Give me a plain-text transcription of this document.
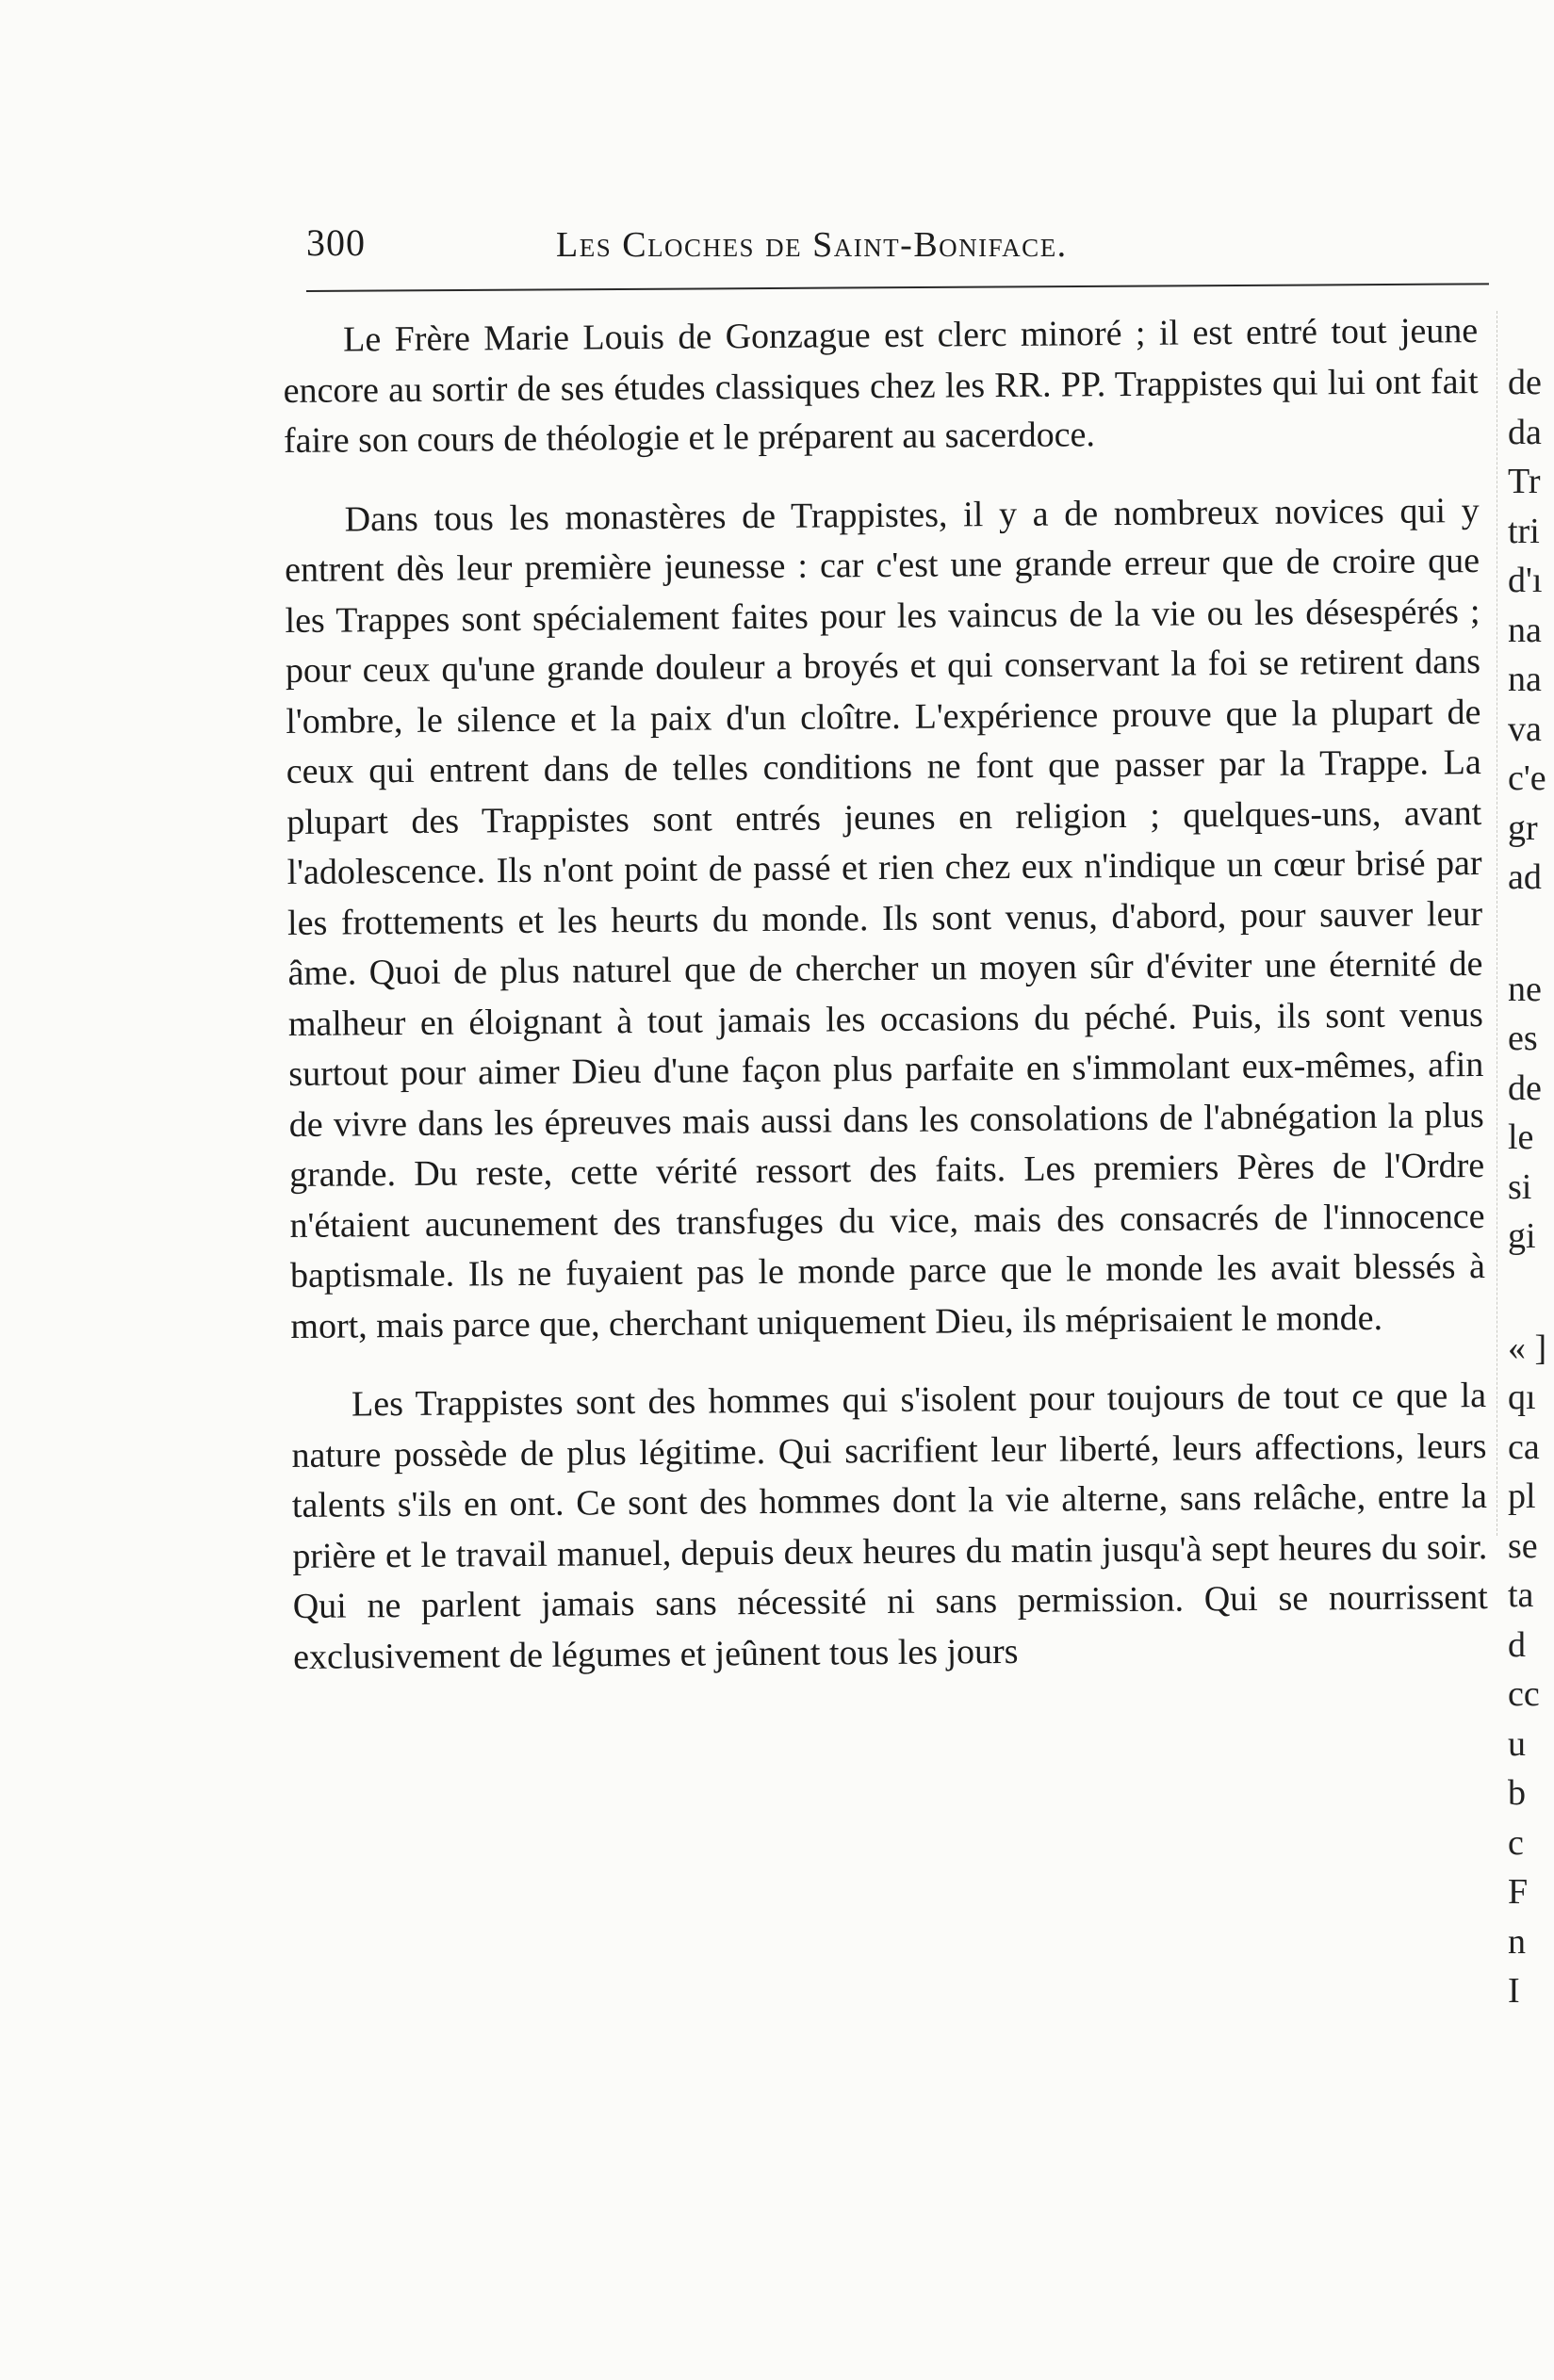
300	Les Cloches de Saint-Boniface.

Le Frère Marie Louis de Gonzague est clerc minoré ; il est entré tout jeune encore au sortir de ses études classiques chez les RR. PP. Trappistes qui lui ont fait faire son cours de théologie et le préparent au sacerdoce.

Dans tous les monastères de Trappistes, il y a de nombreux novices qui y entrent dès leur première jeunesse : car c'est une grande erreur que de croire que les Trappes sont spécialement faites pour les vaincus de la vie ou les désespérés ; pour ceux qu'une grande douleur a broyés et qui conservant la foi se retirent dans l'ombre, le silence et la paix d'un cloître. L'expérience prouve que la plupart de ceux qui entrent dans de telles conditions ne font que passer par la Trappe. La plupart des Trappistes sont entrés jeunes en religion ; quelques-uns, avant l'adolescence. Ils n'ont point de passé et rien chez eux n'indique un cœur brisé par les frottements et les heurts du monde. Ils sont venus, d'abord, pour sauver leur âme. Quoi de plus naturel que de chercher un moyen sûr d'éviter une éternité de malheur en éloignant à tout jamais les occasions du péché. Puis, ils sont venus surtout pour aimer Dieu d'une façon plus parfaite en s'immolant eux-mêmes, afin de vivre dans les épreuves mais aussi dans les consolations de l'abnégation la plus grande. Du reste, cette vérité ressort des faits. Les premiers Pères de l'Ordre n'étaient aucunement des transfuges du vice, mais des consacrés de l'innocence baptismale. Ils ne fuyaient pas le monde parce que le monde les avait blessés à mort, mais parce que, cherchant uniquement Dieu, ils méprisaient le monde.

Les Trappistes sont des hommes qui s'isolent pour toujours de tout ce que la nature possède de plus légitime. Qui sacrifient leur liberté, leurs affections, leurs talents s'ils en ont. Ce sont des hommes dont la vie alterne, sans relâche, entre la prière et le travail manuel, depuis deux heures du matin jusqu'à sept heures du soir. Qui ne parlent jamais sans nécessité ni sans permission. Qui se nourrissent exclusivement de légumes et jeûnent tous les jours

de
da
Tr
tri
d'ı
na
na
va
c'e
gr
ad
ne
es
de
le
si
gi
« ]
qı
ca
pl
se
ta
d
cc
u
b
c
F
n
I
